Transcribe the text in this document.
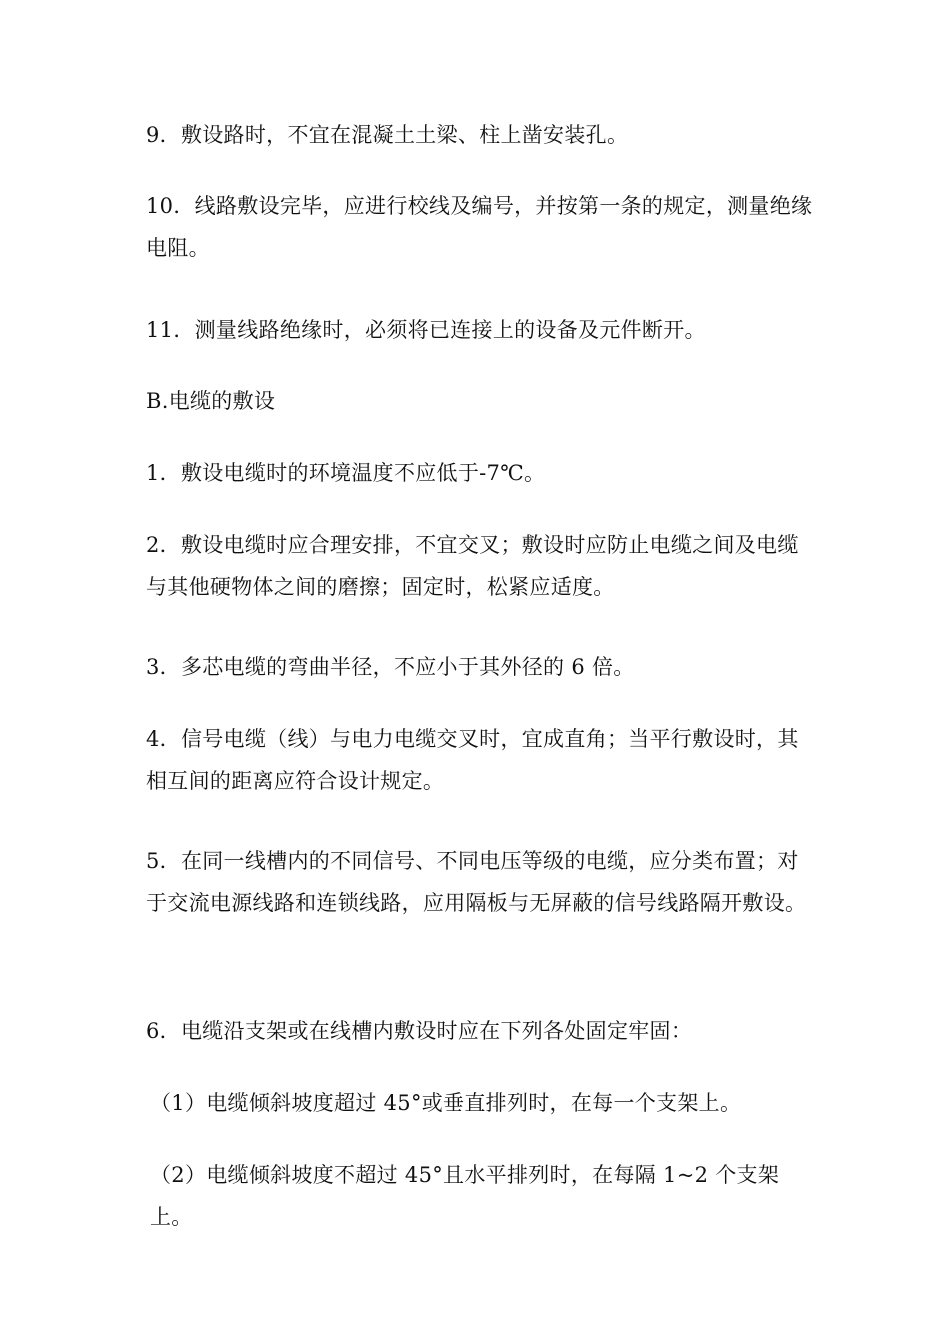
9．敷设路时，不宜在混凝土土梁、柱上凿安装孔。

10．线路敷设完毕，应进行校线及编号，并按第一条的规定，测量绝缘电阻。

11．测量线路绝缘时，必须将已连接上的设备及元件断开。

B.电缆的敷设

1．敷设电缆时的环境温度不应低于-7℃。

2．敷设电缆时应合理安排，不宜交叉；敷设时应防止电缆之间及电缆与其他硬物体之间的磨擦；固定时，松紧应适度。

3．多芯电缆的弯曲半径，不应小于其外径的 6 倍。

4．信号电缆（线）与电力电缆交叉时，宜成直角；当平行敷设时，其相互间的距离应符合设计规定。

5．在同一线槽内的不同信号、不同电压等级的电缆，应分类布置；对于交流电源线路和连锁线路，应用隔板与无屏蔽的信号线路隔开敷设。

6．电缆沿支架或在线槽内敷设时应在下列各处固定牢固：

（1）电缆倾斜坡度超过 45°或垂直排列时，在每一个支架上。

（2）电缆倾斜坡度不超过 45°且水平排列时，在每隔 1~2 个支架上。
